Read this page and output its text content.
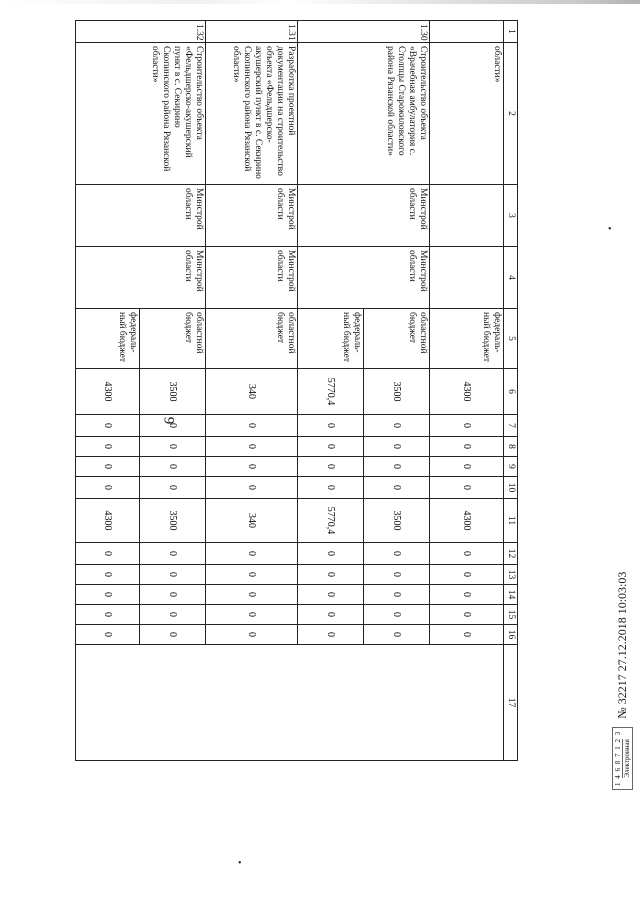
9
1 4 6 8 7 1 2 3 Электронная
№ 32217 27.12.2018 10:03:03
•
•
1	2	3	4	5	6	7	8	9	10	11	12	13	14	15	16	17
	области»			федераль-ный бюджет	4300	0	0	0	0	4300	0	0	0	0	0	
1.30	Строительство объекта «Врачебная амбулатория с. Столпцы Старожиловского района Рязанской области»	Минстрой области	Минстрой области	областной бюджет	3500	0	0	0	0	3500	0	0	0	0	0	
				федераль-ный бюджет	5770,4	0	0	0	0	5770,4	0	0	0	0	0	
1.31	Разработка проектной документации на строительство объекта «Фельдшерско-акушерский пункт в с. Секирино Скопинского района Рязанской области»	Минстрой области	Минстрой области	областной бюджет	340	0	0	0	0	340	0	0	0	0	0	
1.32	Строительство объекта «Фельдшерско-акушерский пункт в с. Секирино Скопинского района Рязанской области»	Минстрой области	Минстрой области	областной бюджет	3500	0	0	0	0	3500	0	0	0	0	0	
				федераль-ный бюджет	4300	0	0	0	0	4300	0	0	0	0	0	
